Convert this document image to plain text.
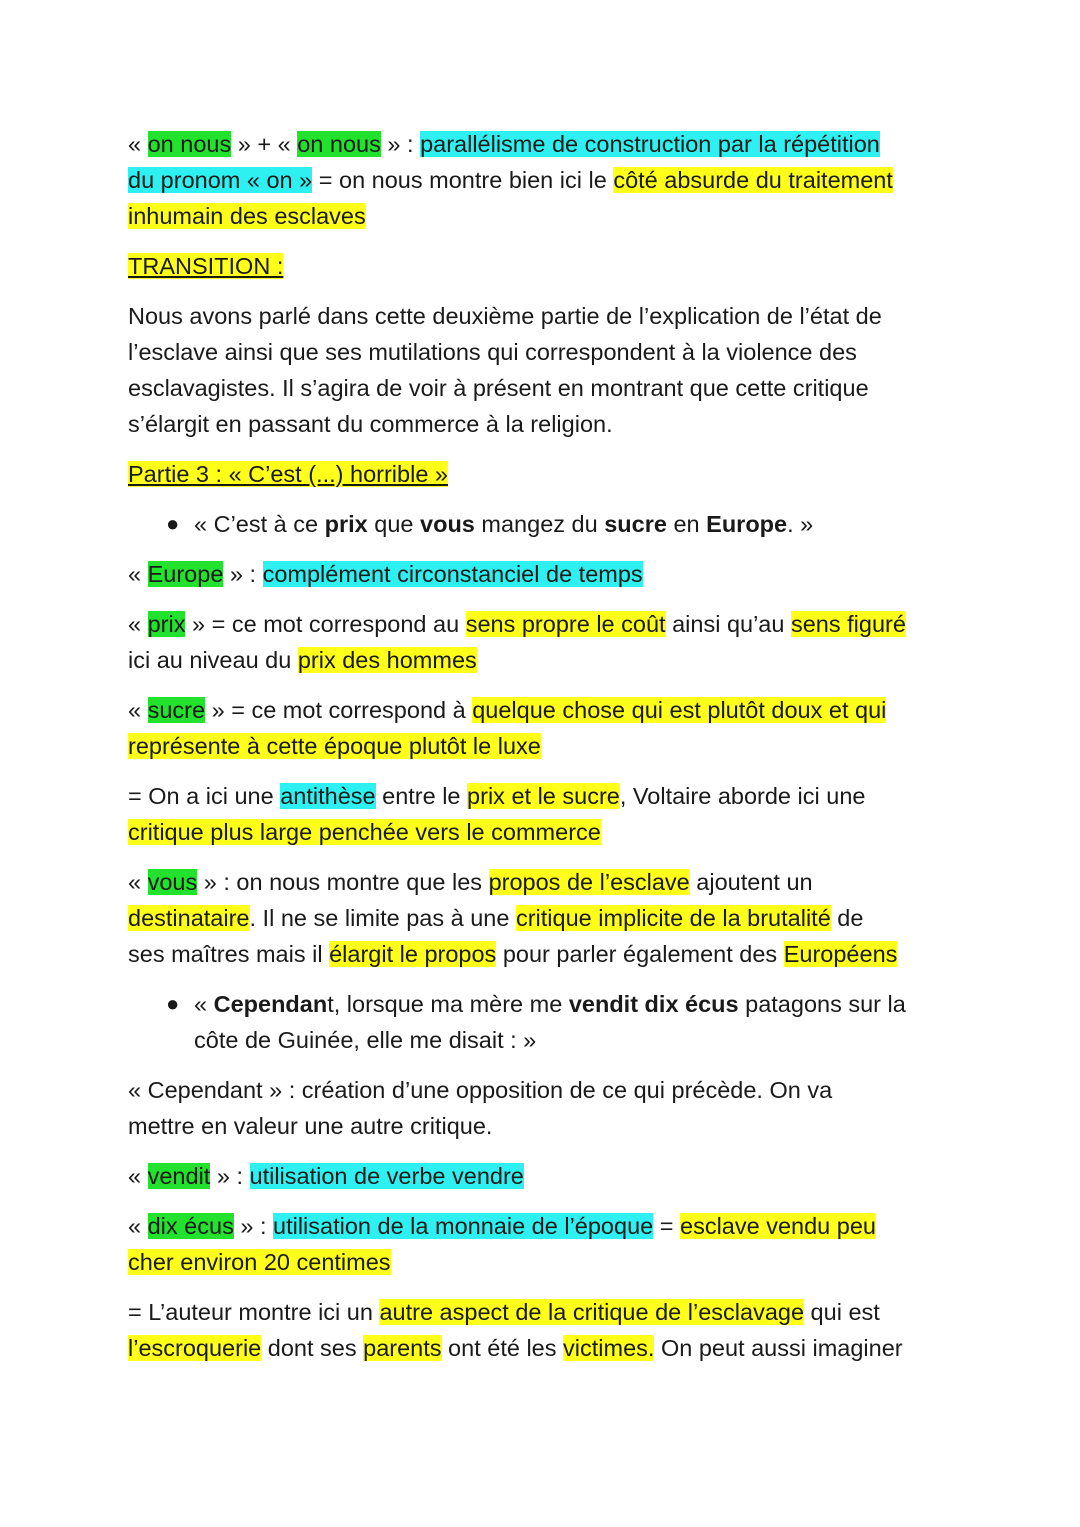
« on nous » + « on nous » : parallélisme de construction par la répétition
du pronom « on » = on nous montre bien ici le côté absurde du traitement
inhumain des esclaves
TRANSITION :
Nous avons parlé dans cette deuxième partie de l’explication de l’état de
l’esclave ainsi que ses mutilations qui correspondent à la violence des
esclavagistes. Il s’agira de voir à présent en montrant que cette critique
s’élargit en passant du commerce à la religion.
Partie 3 : « C’est (...) horrible »
● « C’est à ce prix que vous mangez du sucre en Europe. »
« Europe » : complément circonstanciel de temps
« prix » = ce mot correspond au sens propre le coût ainsi qu’au sens figuré
ici au niveau du prix des hommes
« sucre » = ce mot correspond à quelque chose qui est plutôt doux et qui
représente à cette époque plutôt le luxe
= On a ici une antithèse entre le prix et le sucre, Voltaire aborde ici une
critique plus large penchée vers le commerce
« vous » : on nous montre que les propos de l’esclave ajoutent un
destinataire. Il ne se limite pas à une critique implicite de la brutalité de
ses maîtres mais il élargit le propos pour parler également des Européens
● « Cependant, lorsque ma mère me vendit dix écus patagons sur la
côte de Guinée, elle me disait : »
« Cependant » : création d’une opposition de ce qui précède. On va
mettre en valeur une autre critique.
« vendit » : utilisation de verbe vendre
« dix écus » : utilisation de la monnaie de l’époque = esclave vendu peu
cher environ 20 centimes
= L’auteur montre ici un autre aspect de la critique de l’esclavage qui est
l’escroquerie dont ses parents ont été les victimes. On peut aussi imaginer
